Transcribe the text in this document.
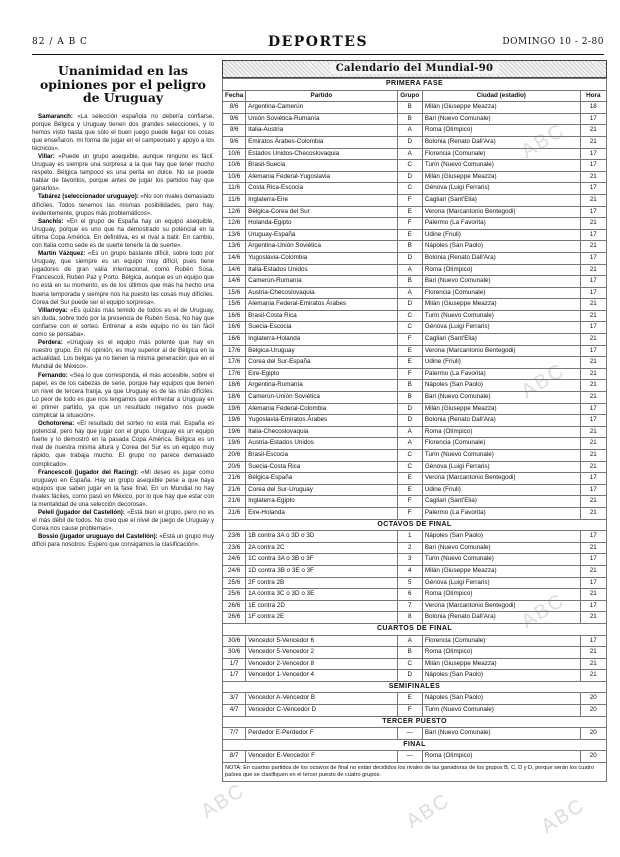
82 / A B C	DEPORTES	DOMINGO 10 - 2-80
Unanimidad en las opiniones por el peligro de Uruguay

Samaranch: «La selección española no debería confiarse, porque Bélgica y Uruguay tienen dos grandes selecciones, y lo hemos visto hasta que sólo el buen juego puede llegar los cosas que enseñaron. mi forma de jugar en el campeonato y apoyo a los técnicos».

Villar: «Puede un grupo asequible, aunque ninguno es fácil. Uruguay es siempre una sorpresa a la que hay que tener mucho respeto. Bélgica tampoco es una perita en dulce. No se puede hablar de favoritos, porque antes de jugar los partidos hay que ganarlos».

Tabárez (seleccionador uruguayo): «No son rivales demasiado difíciles. Todos tenemos las mismas posibilidades, pero hay, evidentemente, grupos más problemáticos».

Sanchís: «En el grupo de España hay un equipo asequible, Uruguay, porque es uno que ha demostrado su potencial en la última Copa América. En definitiva, es el rival a batir. En cambio, con Italia como sede es de suerte tenerle la de suerte».

Martín Vázquez: «Es un grupo bastante difícil, sobre todo por Uruguay, que siempre es un equipo muy difícil, pues tiene jugadores de gran valía internacional, como Rubén Sosa, Francescoli, Rubén Paz y Porto. Bélgica, aunque es un equipo que no está en su momento, es de los últimos que más ha hecho una buena temporada y siempre nos ha puesto las cosas muy difíciles. Corea del Sur puede ser el equipo sorpresa».

Villarroya: «Es quizás más temido de todos es el de Uruguay, sin duda, sobre todo por la presencia de Rubén Sosa. No hay que confiarse con el sorteo. Entrenar a este equipo no es tan fácil como se pensaba».

Perdera: «Uruguay es el equipo más potente que hay en nuestro grupo. En mi opinión, es muy superior al de Bélgica en la actualidad. Los belgas ya no tienen la misma generación que en el Mundial de México».

Fernando: «Sea lo que corresponda, el más accesible, sobre el papel, es de los cabezas de serie, porque hay equipos que tienen un nivel de tercera franja, ya que Uruguay es de las más difíciles. Lo peor de todo es que nos tengamos que enfrentar a Uruguay en el primer partido, ya que un resultado negativo nos puede complicar la situación».

Ochotorena: «El resultado del sorteo no está mal. España es potencial, pero hay que jugar con el grupo. Uruguay es un equipo fuerte y lo demostró en la pasada Copa América. Bélgica es un rival de nuestra misma altura y Corea del Sur es un equipo muy rápido, que trabaja mucho. El grupo no parece demasiado complicado».

Francescoli (jugador del Racing): «Mi deseo es jugar como uruguayo en España. Hay un grupo asequible pese a que haya equipos que saben jugar en la fase final. En un Mundial no hay rivales fáciles, como pasó en México, por lo que hay que estar con la mentalidad de una selección decorosa».

Pelelí (jugador del Castellón): «Está bien el grupo, pero no es el más débil de todos. No creo que el nivel de juego de Uruguay y Corea nos cause problemas».

Bossio (jugador uruguayo del Castellón): «Está un grupo muy difícil para nosotros. Espero que consigamos la clasificación».

Calendario del Mundial-90
PRIMERA FASE				
Fecha	Partido	Grupo	Ciudad (estadio)	Hora
8/6	Argentina-Camerún	B	Milán (Giuseppe Meazza)	18
9/6	Unión Soviética-Rumanía	B	Bari (Nuevo Comunale)	17
9/6	Italia-Austria	A	Roma (Olímpico)	21
9/6	Emiratos Árabes-Colombia	D	Bolonia (Renato Dall'Ara)	21
10/6	Estados Unidos-Checoslovaquia	A	Florencia (Comunale)	17
10/6	Brasil-Suecia	C	Turín (Nuevo Comunale)	17
10/6	Alemania Federal-Yugoslavia	D	Milán (Giuseppe Meazza)	21
11/6	Costa Rica-Escocia	C	Génova (Luigi Ferraris)	17
11/6	Inglaterra-Eire	F	Cagliari (Sant'Elia)	21
12/6	Bélgica-Corea del Sur	E	Verona (Marcantonio Bentegodi)	17
12/6	Holanda-Egipto	F	Palermo (La Favorita)	21
13/6	Uruguay-España	E	Udine (Friuli)	17
13/6	Argentina-Unión Soviética	B	Nápoles (San Paolo)	21
14/6	Yugoslavia-Colombia	D	Bolonia (Renato Dall'Ara)	17
14/6	Italia-Estados Unidos	A	Roma (Olímpico)	21
14/6	Camerún-Rumanía	B	Bari (Nuevo Comunale)	17
15/6	Austria-Checoslovaquia	A	Florencia (Comunale)	17
15/6	Alemania Federal-Emiratos Árabes	D	Milán (Giuseppe Meazza)	21
16/6	Brasil-Costa Rica	C	Turín (Nuevo Comunale)	21
16/6	Suecia-Escocia	C	Génova (Luigi Ferraris)	17
16/6	Inglaterra-Holanda	F	Cagliari (Sant'Elia)	21
17/6	Bélgica-Uruguay	E	Verona (Marcantonio Bentegodi)	17
17/6	Corea del Sur-España	E	Udine (Friuli)	21
17/6	Eire-Egipto	F	Palermo (La Favorita)	21
18/6	Argentina-Rumanía	B	Nápoles (San Paolo)	21
18/6	Camerún-Unión Soviética	B	Bari (Nuevo Comunale)	21
19/6	Alemania Federal-Colombia	D	Milán (Giuseppe Meazza)	17
19/6	Yugoslavia-Emiratos Árabes	D	Bolonia (Renato Dall'Ara)	17
19/6	Italia-Checoslovaquia	A	Roma (Olímpico)	21
19/6	Austria-Estados Unidos	A	Florencia (Comunale)	21
20/6	Brasil-Escocia	C	Turín (Nuevo Comunale)	21
20/6	Suecia-Costa Rica	C	Génova (Luigi Ferraris)	21
21/6	Bélgica-España	E	Verona (Marcantonio Bentegodi)	17
21/6	Corea del Sur-Uruguay	E	Udine (Friuli)	17
21/6	Inglaterra-Egipto	F	Cagliari (Sant'Elia)	21
21/6	Eire-Holanda	F	Palermo (La Favorita)	21
OCTAVOS DE FINAL				
23/6	1B contra 3A o 3D o 3D	1	Nápoles (San Paolo)	17
23/6	2A contra 2C	2	Bari (Nuevo Comunale)	21
24/6	1C contra 3A o 3B o 3F	3	Turín (Nuevo Comunale)	17
24/6	1D contra 3B o 3E o 3F	4	Milán (Giuseppe Meazza)	21
25/6	2F contra 2B	5	Génova (Luigi Ferraris)	17
25/6	1A contra 3C o 3D o 3E	6	Roma (Olímpico)	21
26/6	1E contra 2D	7	Verona (Marcantonio Bentegodi)	17
26/6	1F contra 2E	8	Bolonia (Renato Dall'Ara)	21
CUARTOS DE FINAL				
30/6	Vencedor 5-Vencedor 6	A	Florencia (Comunale)	17
30/6	Vencedor 5-Vencedor 2	B	Roma (Olímpico)	21
1/7	Vencedor 2-Vencedor 8	C	Milán (Giuseppe Meazza)	21
1/7	Vencedor 1-Vencedor 4	D	Nápoles (San Paolo)	21
SEMIFINALES				
3/7	Vencedor A-Vencedor B	E	Nápoles (San Paolo)	20
4/7	Vencedor C-Vencedor D	F	Turín (Nuevo Comunale)	20
TERCER PUESTO				
7/7	Perdedor E-Perdedor F	—	Bari (Nuevo Comunale)	20
FINAL				
8/7	Vencedor E-Vencedor F	—	Roma (Olímpico)	20
NOTA: En cuartos partidos de los octavos de final no están decididos los rivales de las ganadoras de los grupos B, C, D y D, porque serán los cuatro países que se clasifiquen en el tercer puesto de cuatro grupos.
ABC
ABC
ABC
ABC	ABC	ABC
